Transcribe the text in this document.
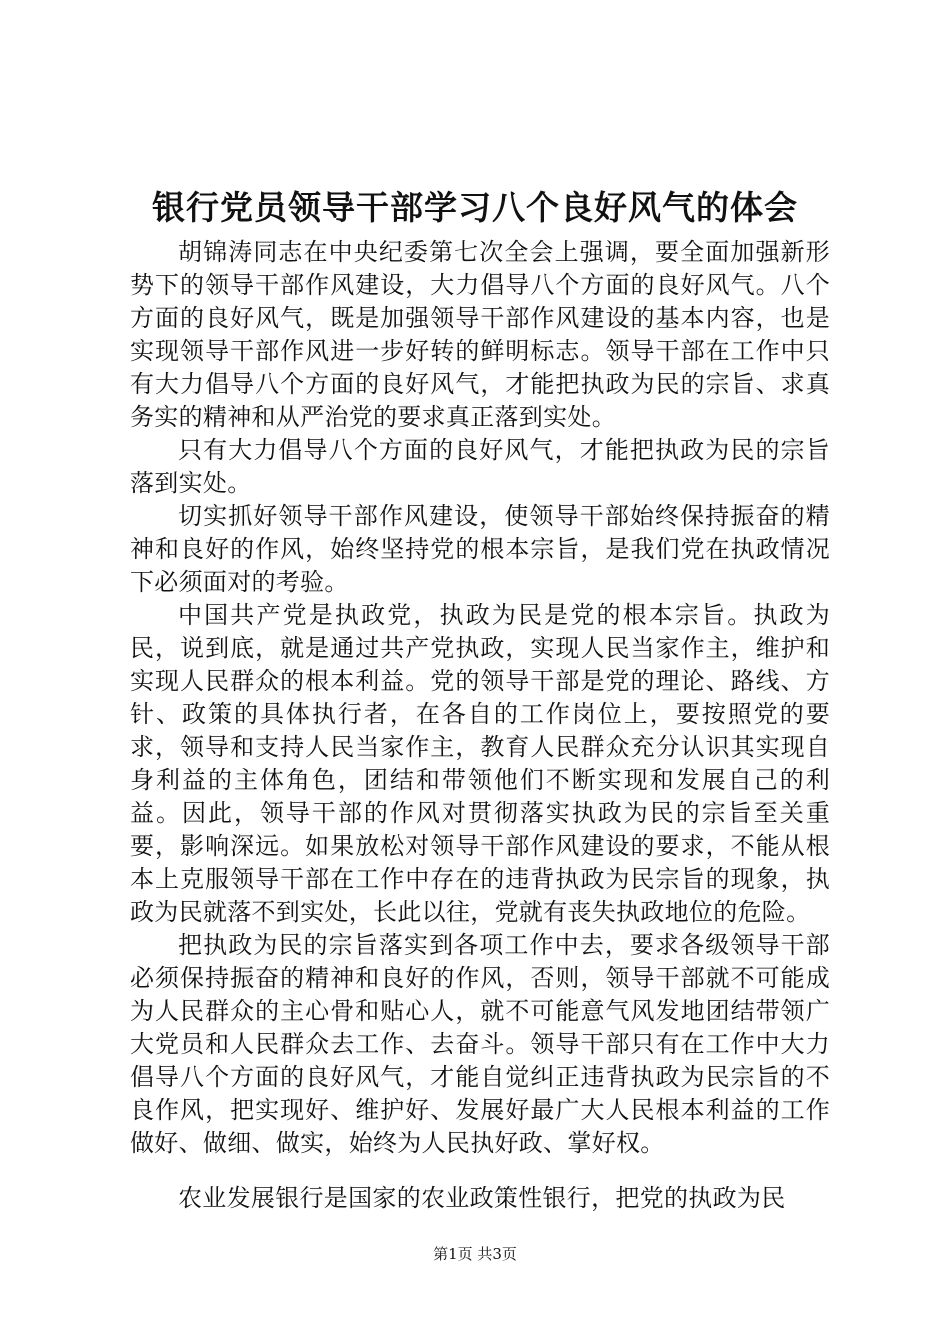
银行党员领导干部学习八个良好风气的体会

胡锦涛同志在中央纪委第七次全会上强调，要全面加强新形势下的领导干部作风建设，大力倡导八个方面的良好风气。八个方面的良好风气，既是加强领导干部作风建设的基本内容，也是实现领导干部作风进一步好转的鲜明标志。领导干部在工作中只有大力倡导八个方面的良好风气，才能把执政为民的宗旨、求真务实的精神和从严治党的要求真正落到实处。

只有大力倡导八个方面的良好风气，才能把执政为民的宗旨落到实处。

切实抓好领导干部作风建设，使领导干部始终保持振奋的精神和良好的作风，始终坚持党的根本宗旨，是我们党在执政情况下必须面对的考验。

中国共产党是执政党，执政为民是党的根本宗旨。执政为民，说到底，就是通过共产党执政，实现人民当家作主，维护和实现人民群众的根本利益。党的领导干部是党的理论、路线、方针、政策的具体执行者，在各自的工作岗位上，要按照党的要求，领导和支持人民当家作主，教育人民群众充分认识其实现自身利益的主体角色，团结和带领他们不断实现和发展自己的利益。因此，领导干部的作风对贯彻落实执政为民的宗旨至关重要，影响深远。如果放松对领导干部作风建设的要求，不能从根本上克服领导干部在工作中存在的违背执政为民宗旨的现象，执政为民就落不到实处，长此以往，党就有丧失执政地位的危险。

把执政为民的宗旨落实到各项工作中去，要求各级领导干部必须保持振奋的精神和良好的作风，否则，领导干部就不可能成为人民群众的主心骨和贴心人，就不可能意气风发地团结带领广大党员和人民群众去工作、去奋斗。领导干部只有在工作中大力倡导八个方面的良好风气，才能自觉纠正违背执政为民宗旨的不良作风，把实现好、维护好、发展好最广大人民根本利益的工作做好、做细、做实，始终为人民执好政、掌好权。

农业发展银行是国家的农业政策性银行，把党的执政为民

第1页 共3页
